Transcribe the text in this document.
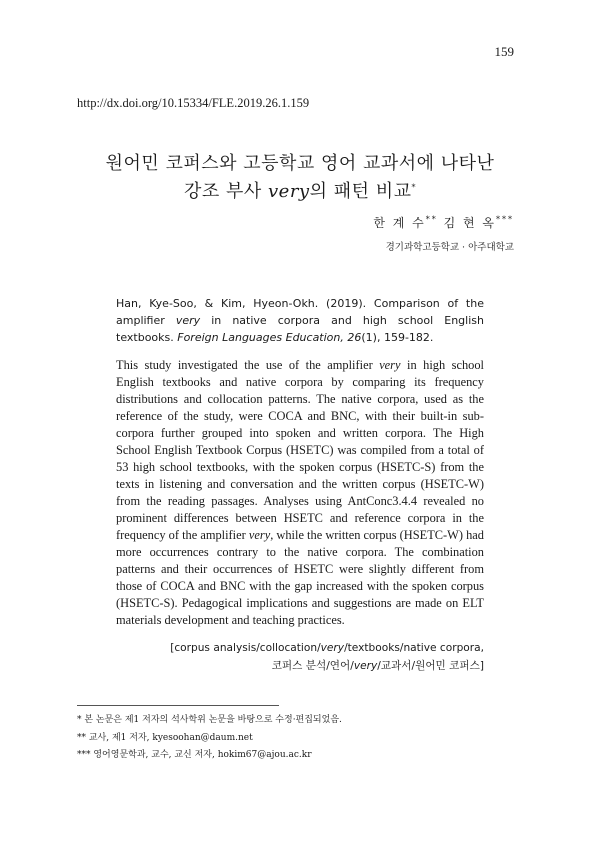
159
http://dx.doi.org/10.15334/FLE.2019.26.1.159
원어민 코퍼스와 고등학교 영어 교과서에 나타난
강조 부사 very의 패턴 비교*
한 계 수** 김 현 옥***
경기과학고등학교 · 아주대학교
Han, Kye-Soo, & Kim, Hyeon-Okh. (2019). Comparison of the amplifier very in native corpora and high school English textbooks. Foreign Languages Education, 26(1), 159-182.
This study investigated the use of the amplifier very in high school English textbooks and native corpora by comparing its frequency distributions and collocation patterns. The native corpora, used as the reference of the study, were COCA and BNC, with their built-in sub-corpora further grouped into spoken and written corpora. The High School English Textbook Corpus (HSETC) was compiled from a total of 53 high school textbooks, with the spoken corpus (HSETC-S) from the texts in listening and conversation and the written corpus (HSETC-W) from the reading passages. Analyses using AntConc3.4.4 revealed no prominent differences between HSETC and reference corpora in the frequency of the amplifier very, while the written corpus (HSETC-W) had more occurrences contrary to the native corpora. The combination patterns and their occurrences of HSETC were slightly different from those of COCA and BNC with the gap increased with the spoken corpus (HSETC-S). Pedagogical implications and suggestions are made on ELT materials development and teaching practices.
[corpus analysis/collocation/very/textbooks/native corpora,
코퍼스 분석/연어/very/교과서/원어민 코퍼스]
* 본 논문은 제1 저자의 석사학위 논문을 바탕으로 수정·편집되었음.
** 교사, 제1 저자, kyesoohan@daum.net
*** 영어영문학과, 교수, 교신 저자, hokim67@ajou.ac.kr
